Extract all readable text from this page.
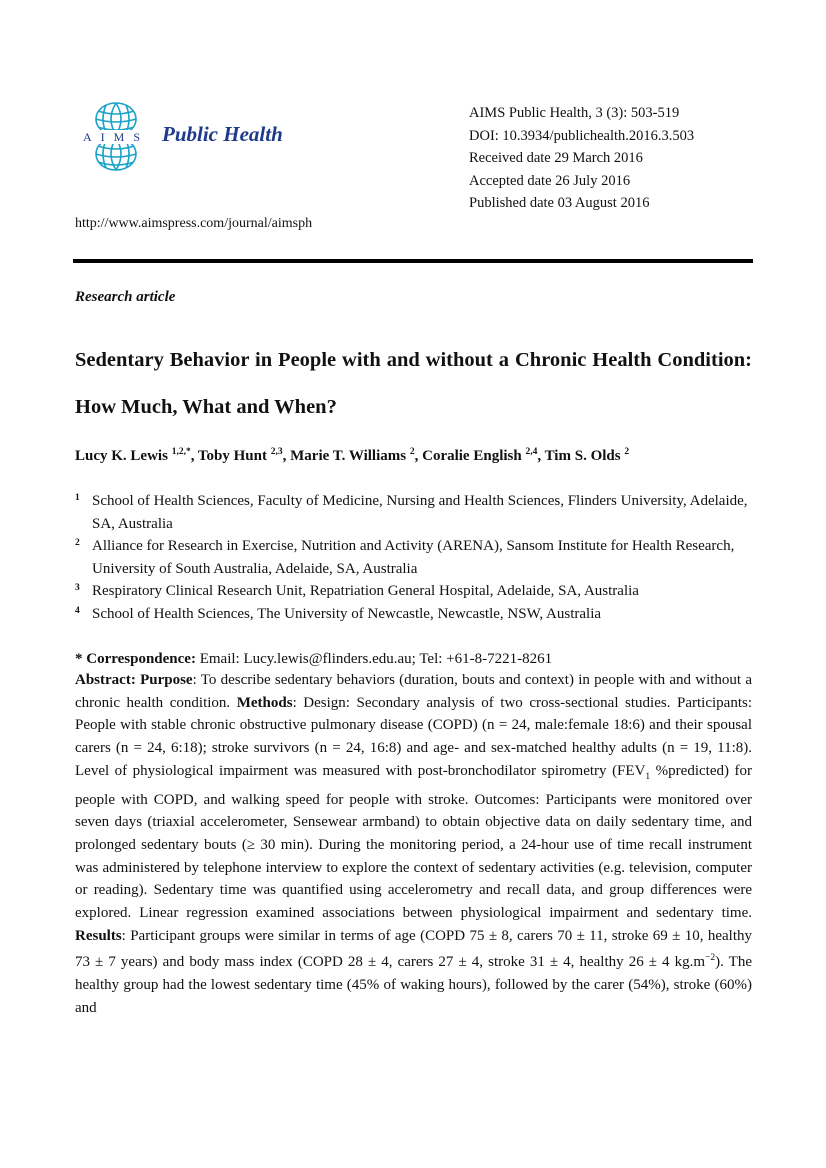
AIMS Public Health
AIMS Public Health, 3 (3): 503-519
DOI: 10.3934/publichealth.2016.3.503
Received date 29 March 2016
Accepted date 26 July 2016
Published date 03 August 2016
http://www.aimspress.com/journal/aimsph
Research article
Sedentary Behavior in People with and without a Chronic Health Condition: How Much, What and When?
Lucy K. Lewis $^{1,2,*}$, Toby Hunt $^{2,3}$, Marie T. Williams $^2$, Coralie English $^{2,4}$, Tim S. Olds $^2$
1 School of Health Sciences, Faculty of Medicine, Nursing and Health Sciences, Flinders University, Adelaide, SA, Australia
2 Alliance for Research in Exercise, Nutrition and Activity (ARENA), Sansom Institute for Health Research, University of South Australia, Adelaide, SA, Australia
3 Respiratory Clinical Research Unit, Repatriation General Hospital, Adelaide, SA, Australia
4 School of Health Sciences, The University of Newcastle, Newcastle, NSW, Australia
* Correspondence: Email: Lucy.lewis@flinders.edu.au; Tel: +61-8-7221-8261
Abstract: Purpose: To describe sedentary behaviors (duration, bouts and context) in people with and without a chronic health condition. Methods: Design: Secondary analysis of two cross-sectional studies. Participants: People with stable chronic obstructive pulmonary disease (COPD) (n = 24, male:female 18:6) and their spousal carers (n = 24, 6:18); stroke survivors (n = 24, 16:8) and age- and sex-matched healthy adults (n = 19, 11:8). Level of physiological impairment was measured with post-bronchodilator spirometry ($FEV_1$ %predicted) for people with COPD, and walking speed for people with stroke. Outcomes: Participants were monitored over seven days (triaxial accelerometer, Sensewear armband) to obtain objective data on daily sedentary time, and prolonged sedentary bouts (≥ 30 min). During the monitoring period, a 24-hour use of time recall instrument was administered by telephone interview to explore the context of sedentary activities (e.g. television, computer or reading). Sedentary time was quantified using accelerometry and recall data, and group differences were explored. Linear regression examined associations between physiological impairment and sedentary time. Results: Participant groups were similar in terms of age (COPD 75 ± 8, carers 70 ± 11, stroke 69 ± 10, healthy 73 ± 7 years) and body mass index (COPD 28 ± 4, carers 27 ± 4, stroke 31 ± 4, healthy 26 ± 4 $kg.m^{-2}$). The healthy group had the lowest sedentary time (45% of waking hours), followed by the carer (54%), stroke (60%) and
